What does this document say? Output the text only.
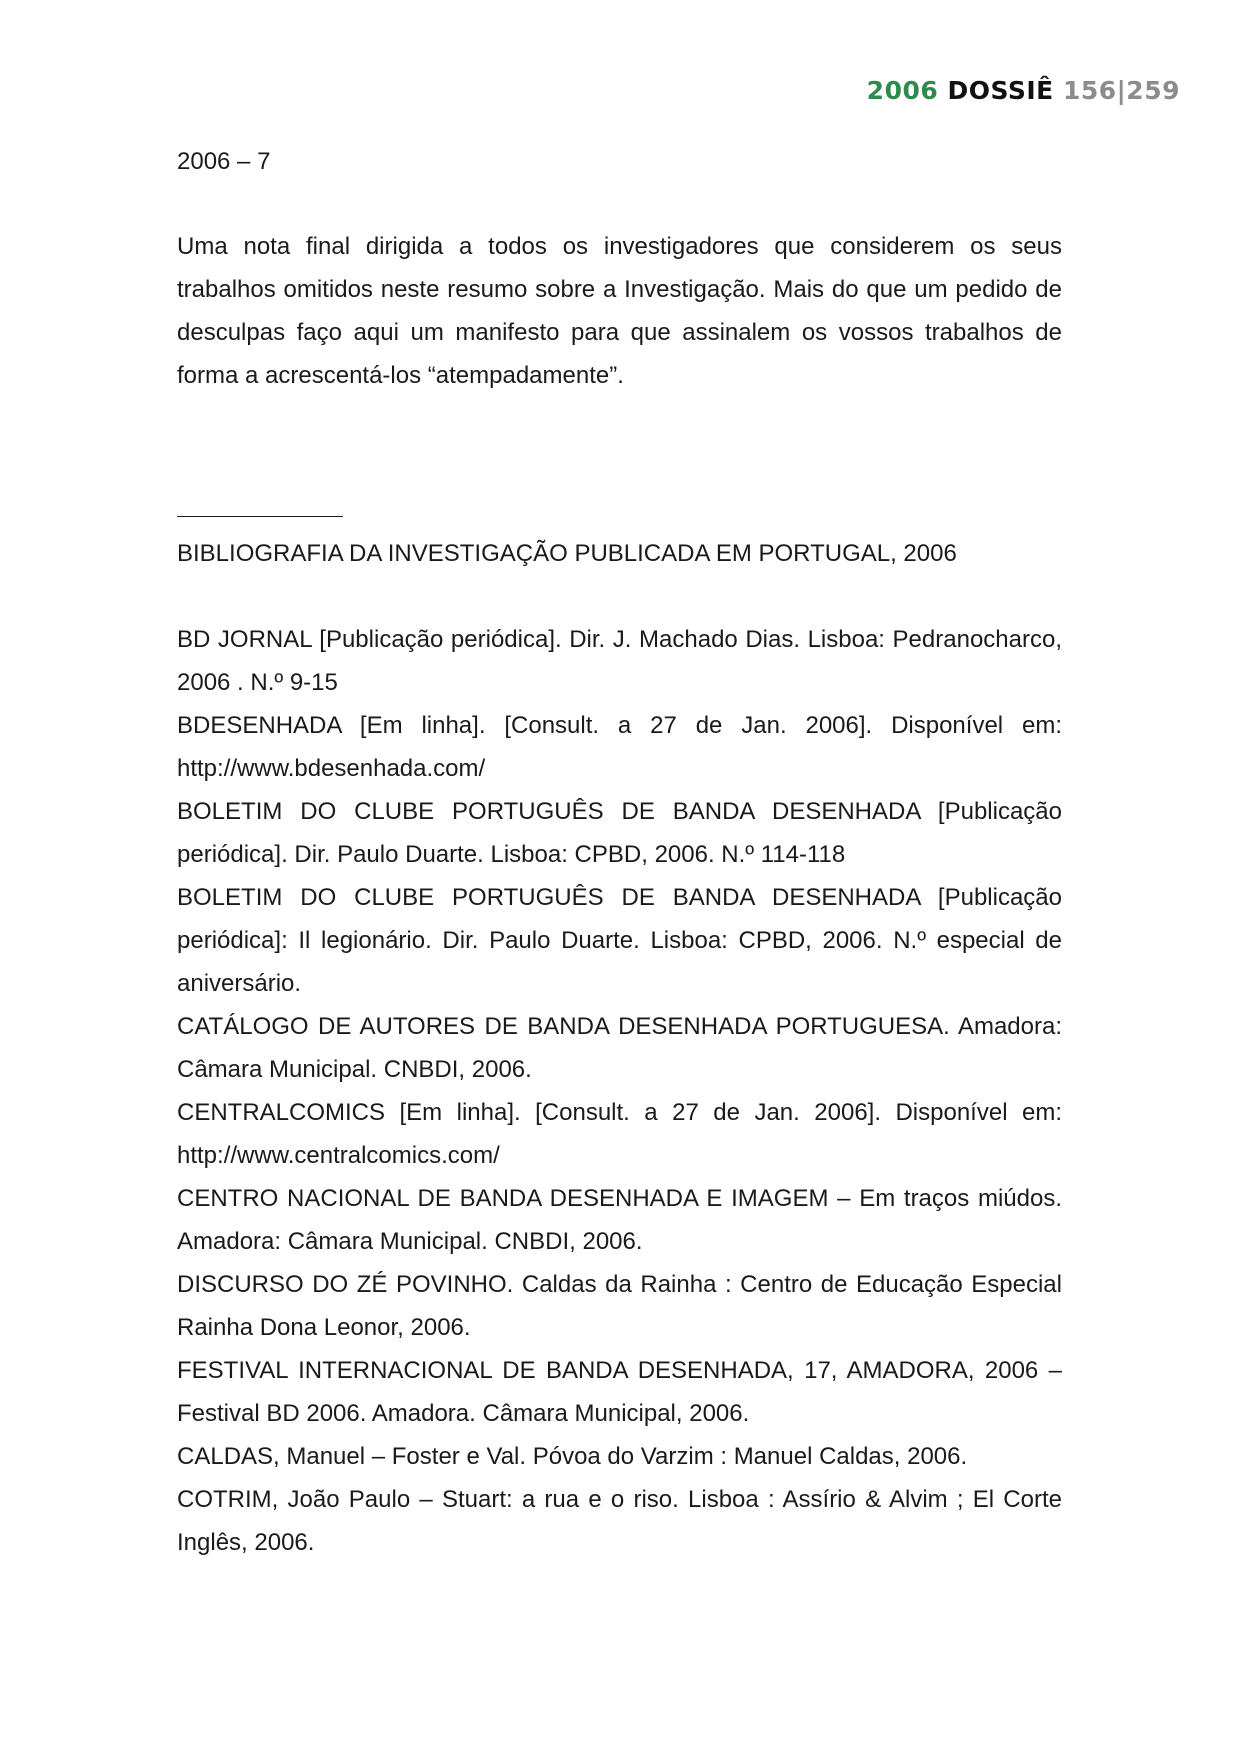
2006 DOSSIÊ 156|259

2006 – 7

Uma nota final dirigida a todos os investigadores que considerem os seus trabalhos omitidos neste resumo sobre a Investigação. Mais do que um pedido de desculpas faço aqui um manifesto para que assinalem os vossos trabalhos de forma a acrescentá-los “atempadamente”.

BIBLIOGRAFIA DA INVESTIGAÇÃO PUBLICADA EM PORTUGAL, 2006

BD JORNAL [Publicação periódica]. Dir. J. Machado Dias. Lisboa: Pedranocharco, 2006 . N.º 9-15

BDESENHADA [Em linha]. [Consult. a 27 de Jan. 2006]. Disponível em: http://www.bdesenhada.com/

BOLETIM DO CLUBE PORTUGUÊS DE BANDA DESENHADA [Publicação periódica]. Dir. Paulo Duarte. Lisboa: CPBD, 2006. N.º 114-118

BOLETIM DO CLUBE PORTUGUÊS DE BANDA DESENHADA [Publicação periódica]: Il legionário. Dir. Paulo Duarte. Lisboa: CPBD, 2006. N.º especial de aniversário.

CATÁLOGO DE AUTORES DE BANDA DESENHADA PORTUGUESA. Amadora: Câmara Municipal. CNBDI, 2006.

CENTRALCOMICS [Em linha]. [Consult. a 27 de Jan. 2006]. Disponível em: http://www.centralcomics.com/

CENTRO NACIONAL DE BANDA DESENHADA E IMAGEM – Em traços miúdos. Amadora: Câmara Municipal. CNBDI, 2006.

DISCURSO DO ZÉ POVINHO. Caldas da Rainha : Centro de Educação Especial Rainha Dona Leonor, 2006.

FESTIVAL INTERNACIONAL DE BANDA DESENHADA, 17, AMADORA, 2006 – Festival BD 2006. Amadora. Câmara Municipal, 2006.

CALDAS, Manuel – Foster e Val. Póvoa do Varzim : Manuel Caldas, 2006.

COTRIM, João Paulo – Stuart: a rua e o riso. Lisboa : Assírio & Alvim ; El Corte Inglês, 2006.
